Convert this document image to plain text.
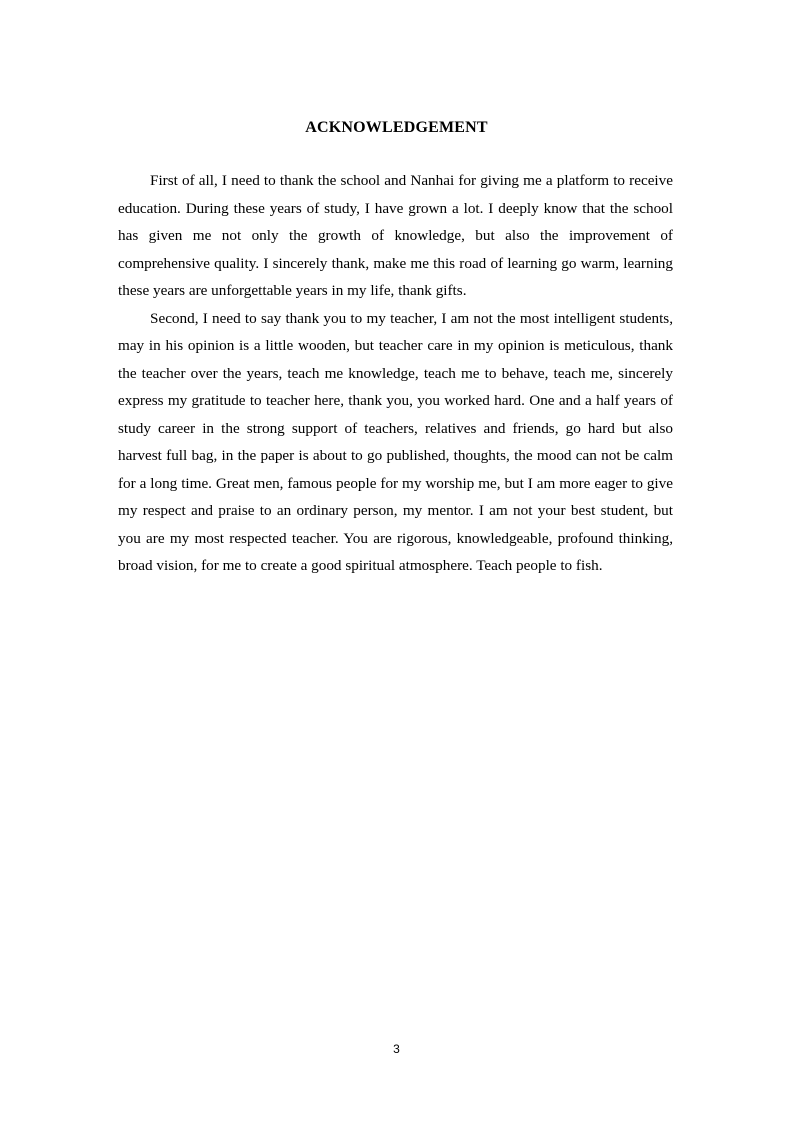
ACKNOWLEDGEMENT

First of all, I need to thank the school and Nanhai for giving me a platform to receive education. During these years of study, I have grown a lot. I deeply know that the school has given me not only the growth of knowledge, but also the improvement of comprehensive quality. I sincerely thank, make me this road of learning go warm, learning these years are unforgettable years in my life, thank gifts.

Second, I need to say thank you to my teacher, I am not the most intelligent students, may in his opinion is a little wooden, but teacher care in my opinion is meticulous, thank the teacher over the years, teach me knowledge, teach me to behave, teach me, sincerely express my gratitude to teacher here, thank you, you worked hard. One and a half years of study career in the strong support of teachers, relatives and friends, go hard but also harvest full bag, in the paper is about to go published, thoughts, the mood can not be calm for a long time. Great men, famous people for my worship me, but I am more eager to give my respect and praise to an ordinary person, my mentor. I am not your best student, but you are my most respected teacher. You are rigorous, knowledgeable, profound thinking, broad vision, for me to create a good spiritual atmosphere. Teach people to fish.

3
